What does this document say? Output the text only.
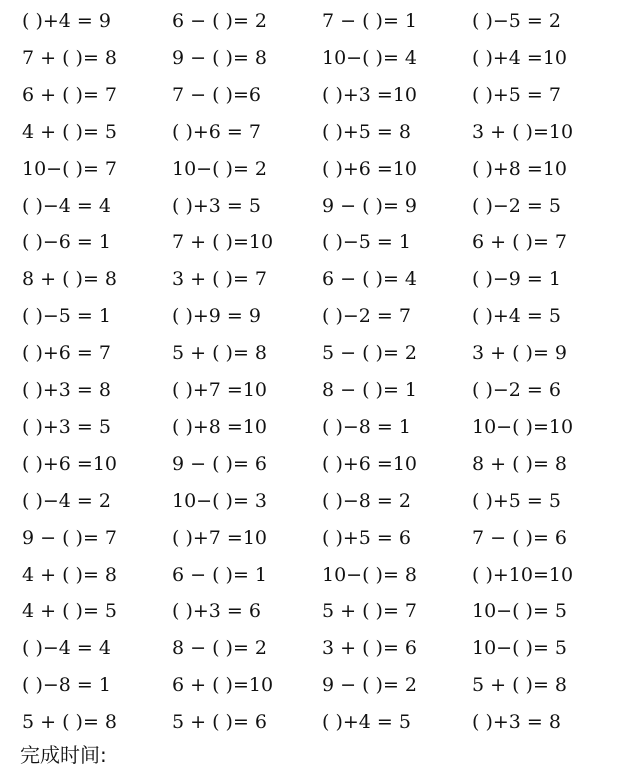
( )+4 = 9	6 − ( )= 2	7 − ( )= 1	( )−5 = 2
7 + ( )= 8	9 − ( )= 8	10−( )= 4	( )+4 =10
6 + ( )= 7	7 − ( )=6	( )+3 =10	( )+5 = 7
4 + ( )= 5	( )+6 = 7	( )+5 = 8	3 + ( )=10
10−( )= 7	10−( )= 2	( )+6 =10	( )+8 =10
( )−4 = 4	( )+3 = 5	9 − ( )= 9	( )−2 = 5
( )−6 = 1	7 + ( )=10	( )−5 = 1	6 + ( )= 7
8 + ( )= 8	3 + ( )= 7	6 − ( )= 4	( )−9 = 1
( )−5 = 1	( )+9 = 9	( )−2 = 7	( )+4 = 5
( )+6 = 7	5 + ( )= 8	5 − ( )= 2	3 + ( )= 9
( )+3 = 8	( )+7 =10	8 − ( )= 1	( )−2 = 6
( )+3 = 5	( )+8 =10	( )−8 = 1	10−( )=10
( )+6 =10	9 − ( )= 6	( )+6 =10	8 + ( )= 8
( )−4 = 2	10−( )= 3	( )−8 = 2	( )+5 = 5
9 − ( )= 7	( )+7 =10	( )+5 = 6	7 − ( )= 6
4 + ( )= 8	6 − ( )= 1	10−( )= 8	( )+10=10
4 + ( )= 5	( )+3 = 6	5 + ( )= 7	10−( )= 5
( )−4 = 4	8 − ( )= 2	3 + ( )= 6	10−( )= 5
( )−8 = 1	6 + ( )=10	9 − ( )= 2	5 + ( )= 8
5 + ( )= 8	5 + ( )= 6	( )+4 = 5	( )+3 = 8
完成时间:
